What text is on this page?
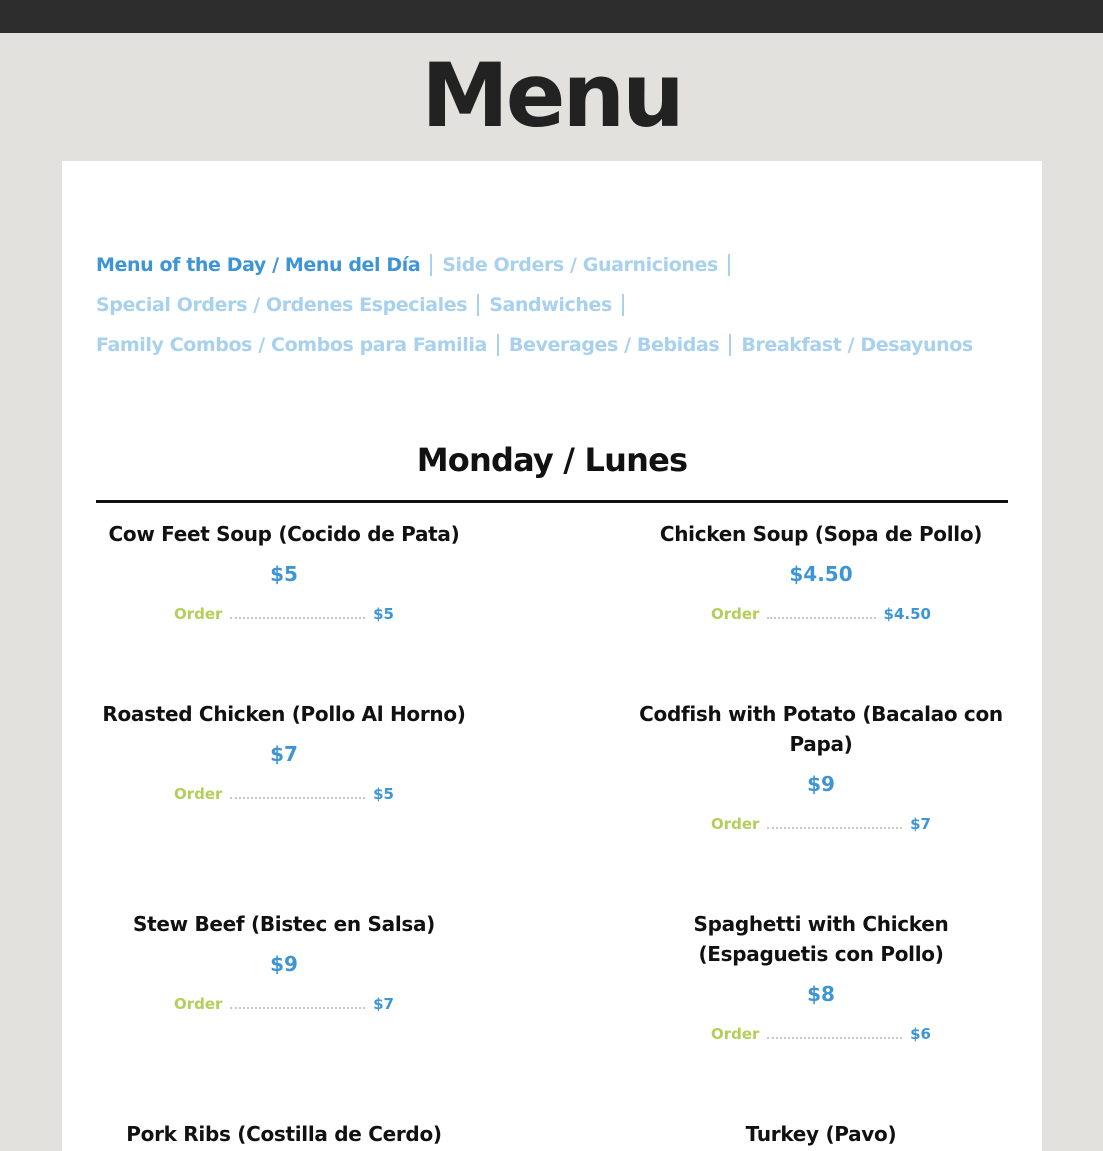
Menu
Menu of the Day / Menu del Día Side Orders / Guarniciones
Special Orders / Ordenes Especiales Sandwiches
Family Combos / Combos para Familia Beverages / Bebidas Breakfast / Desayunos
Monday / Lunes
Cow Feet Soup (Cocido de Pata)
$5
Order	$5
Chicken Soup (Sopa de Pollo)
$4.50
Order	$4.50
Roasted Chicken (Pollo Al Horno)
$7
Order	$5
Codfish with Potato (Bacalao con Papa)
$9
Order	$7
Stew Beef (Bistec en Salsa)
$9
Order	$7
Spaghetti with Chicken (Espaguetis con Pollo)
$8
Order	$6
Pork Ribs (Costilla de Cerdo)	Turkey (Pavo)
